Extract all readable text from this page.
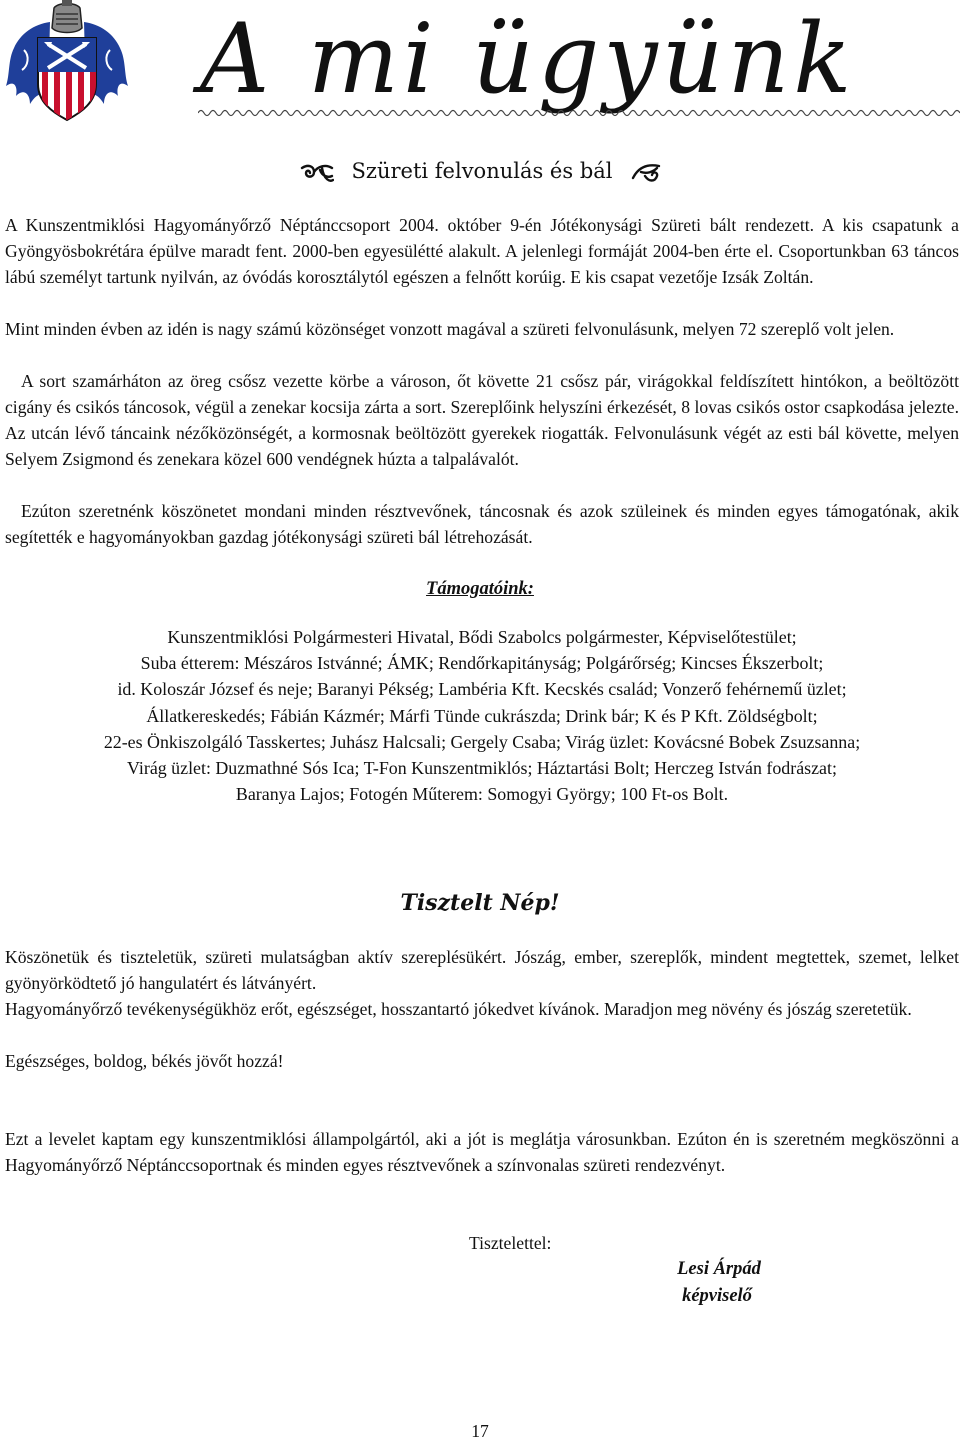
A mi ügyünk
Szüreti felvonulás és bál

A Kunszentmiklósi Hagyományőrző Néptánccsoport 2004. október 9-én Jótékonysági Szüreti bált rendezett. A kis csapatunk a Gyöngyösbokrétára épülve maradt fent. 2000-ben egyesülétté alakult. A jelenlegi formáját 2004-ben érte el. Csoportunkban 63 táncos lábú személyt tartunk nyilván, az óvódás korosztálytól egészen a felnőtt korúig. E kis csapat vezetője Izsák Zoltán.

Mint minden évben az idén is nagy számú közönséget vonzott magával a szüreti felvonulásunk, melyen 72 szereplő volt jelen.

A sort szamárháton az öreg csősz vezette körbe a városon, őt követte 21 csősz pár, virágokkal feldíszített hintókon, a beöltözött cigány és csikós táncosok, végül a zenekar kocsija zárta a sort. Szereplőink helyszíni érkezését, 8 lovas csikós ostor csapkodása jelezte. Az utcán lévő táncaink nézőközönségét, a kormosnak beöltözött gyerekek riogatták. Felvonulásunk végét az esti bál követte, melyen Selyem Zsigmond és zenekara közel 600 vendégnek húzta a talpalávalót.

Ezúton szeretnénk köszönetet mondani minden résztvevőnek, táncosnak és azok szüleinek és minden egyes támogatónak, akik segítették e hagyományokban gazdag jótékonysági szüreti bál létrehozását.

Támogatóink:
Kunszentmiklósi Polgármesteri Hivatal, Bődi Szabolcs polgármester, Képviselőtestület;
Suba étterem: Mészáros Istvánné; ÁMK; Rendőrkapitányság; Polgárőrség; Kincses Ékszerbolt;
id. Koloszár József és neje; Baranyi Pékség; Lambéria Kft. Kecskés család; Vonzerő fehérnemű üzlet;
Állatkereskedés; Fábián Kázmér; Márfi Tünde cukrászda; Drink bár; K és P Kft. Zöldségbolt;
22-es Önkiszolgáló Tasskertes; Juhász Halcsali; Gergely Csaba; Virág üzlet: Kovácsné Bobek Zsuzsanna;
Virág üzlet: Duzmathné Sós Ica; T-Fon Kunszentmiklós; Háztartási Bolt; Herczeg István fodrászat;
Baranya Lajos; Fotogén Műterem: Somogyi György; 100 Ft-os Bolt.
Tisztelt Nép!

Köszönetük és tiszteletük, szüreti mulatságban aktív szereplésükért. Jószág, ember, szereplők, mindent megtettek, szemet, lelket gyönyörködtető jó hangulatért és látványért.

Hagyományőrző tevékenységükhöz erőt, egészséget, hosszantartó jókedvet kívánok. Maradjon meg növény és jószág szeretetük.

Egészséges, boldog, békés jövőt hozzá!

Ezt a levelet kaptam egy kunszentmiklósi állampolgártól, aki a jót is meglátja városunkban. Ezúton én is szeretném megköszönni a Hagyományőrző Néptánccsoportnak és minden egyes résztvevőnek a színvonalas szüreti rendezvényt.

Tisztelettel:
Lesi Árpád
képviselő
17
